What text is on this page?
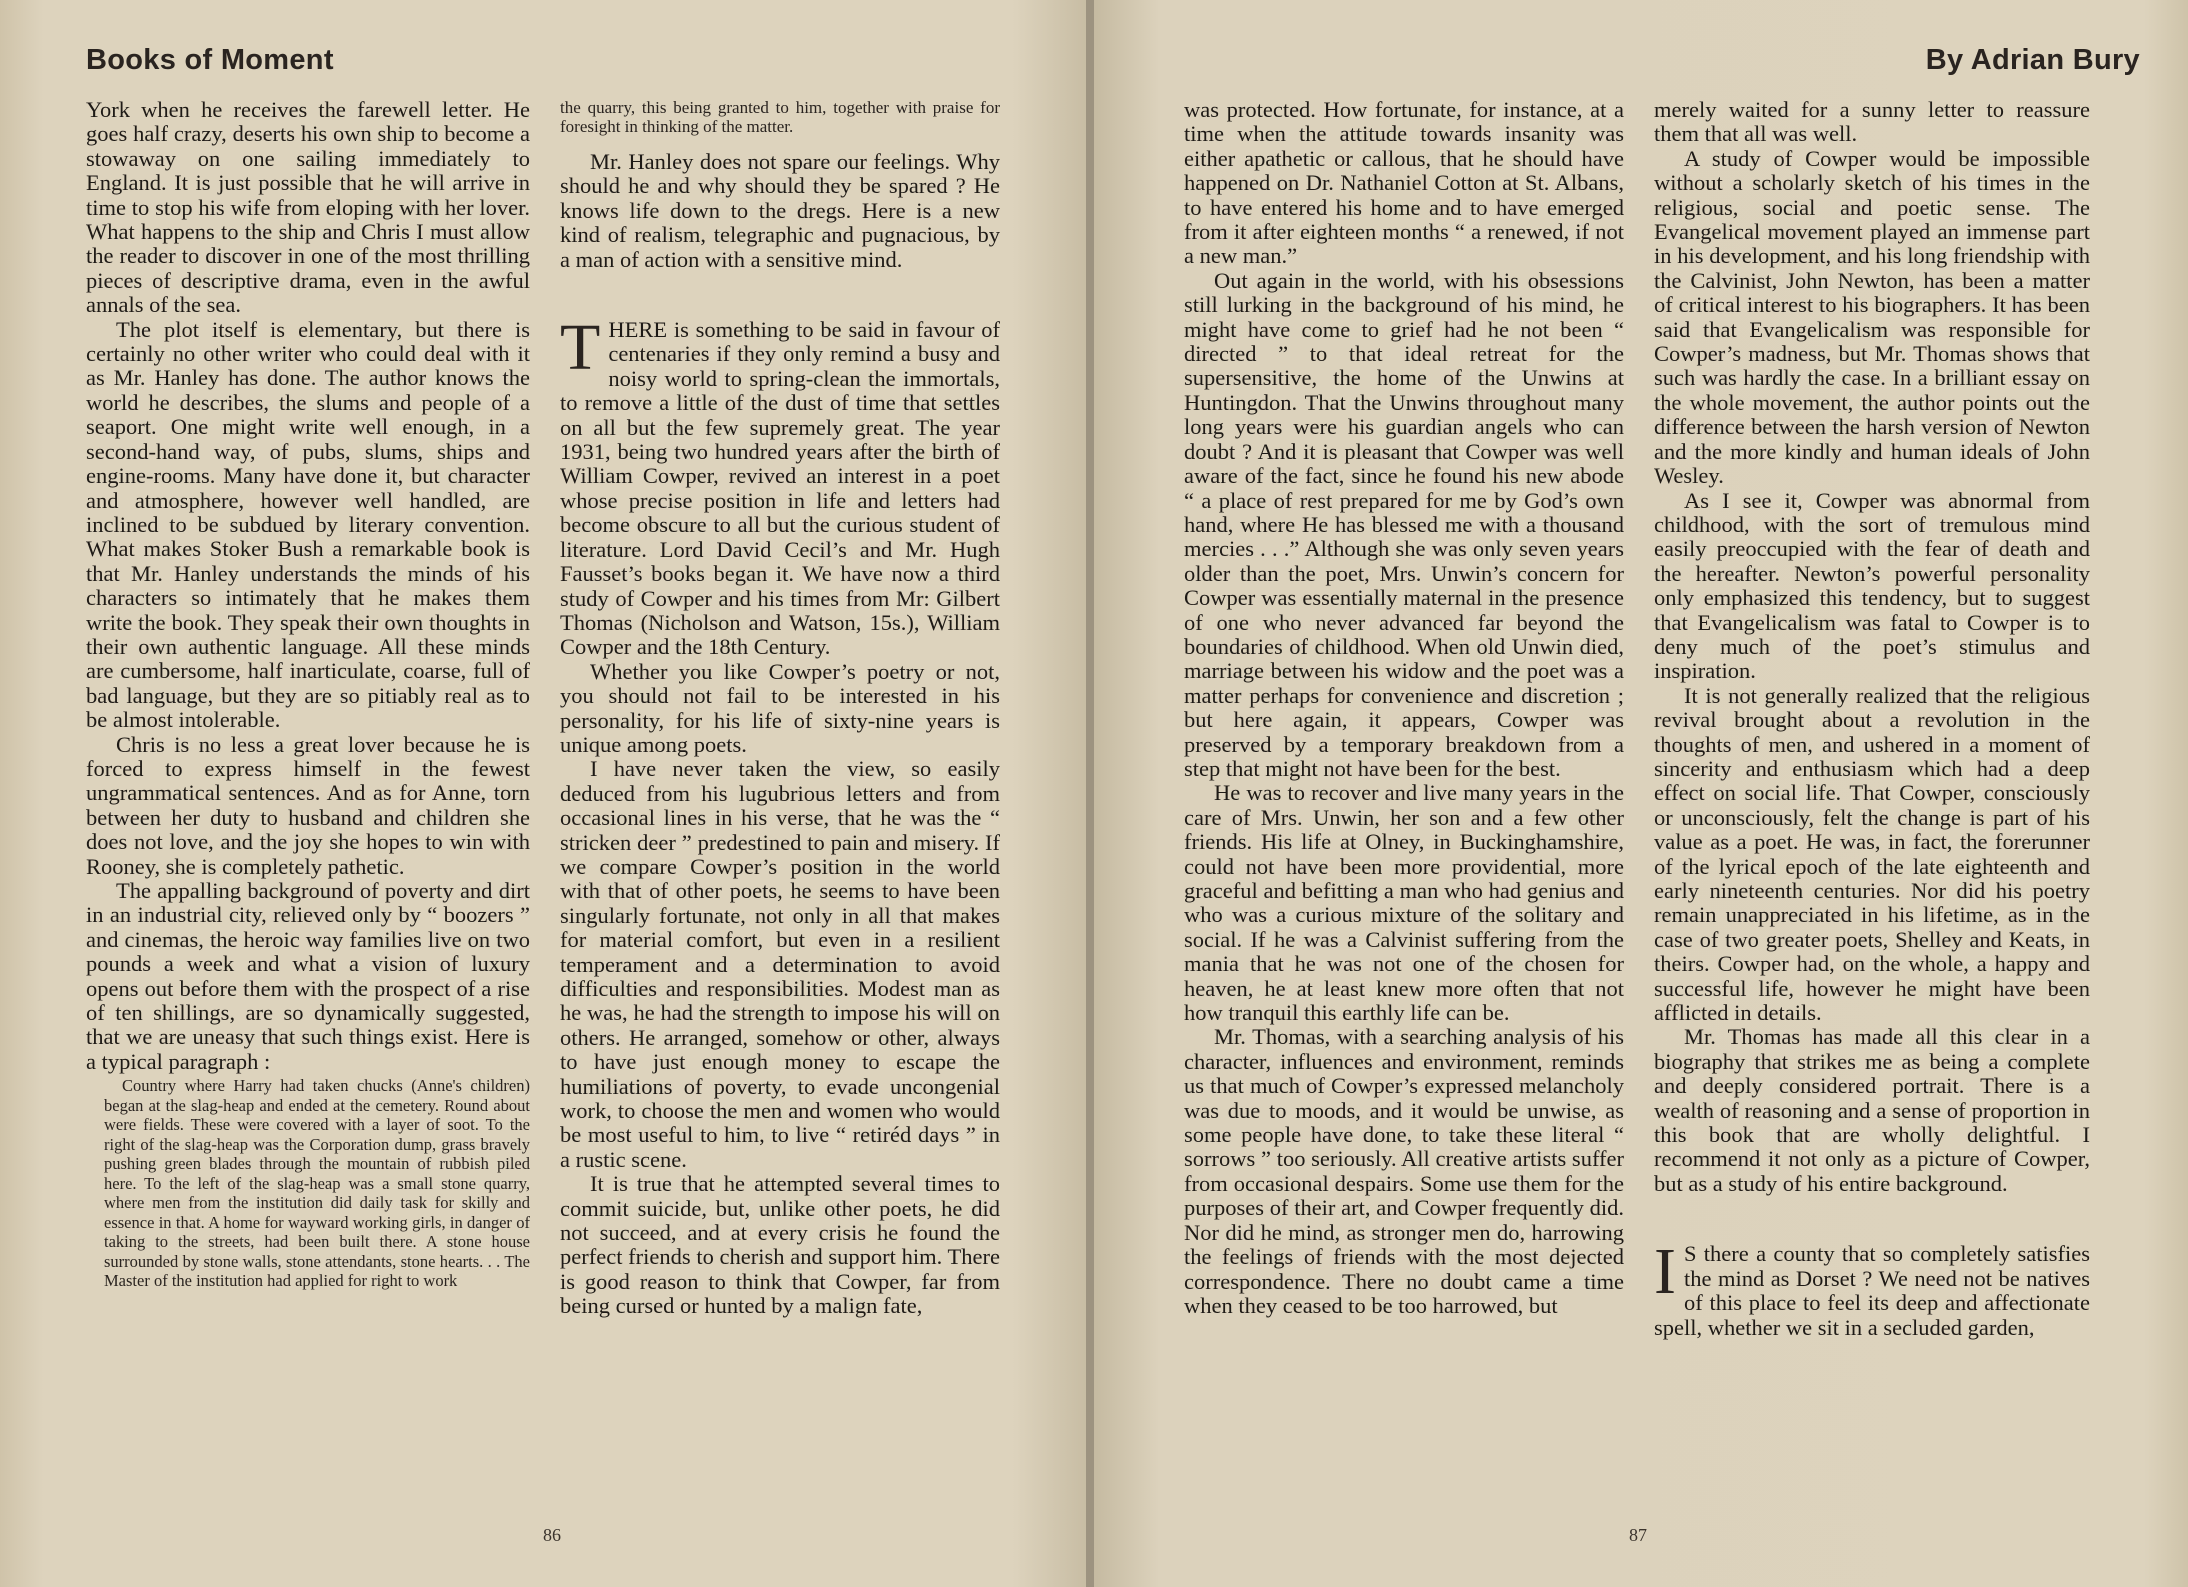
Books of Moment

York when he receives the farewell letter. He goes half crazy, deserts his own ship to become a stowaway on one sailing immediately to England. It is just possible that he will arrive in time to stop his wife from eloping with her lover. What happens to the ship and Chris I must allow the reader to discover in one of the most thrilling pieces of descriptive drama, even in the awful annals of the sea.

The plot itself is elementary, but there is certainly no other writer who could deal with it as Mr. Hanley has done. The author knows the world he describes, the slums and people of a seaport. One might write well enough, in a second-hand way, of pubs, slums, ships and engine-rooms. Many have done it, but character and atmosphere, however well handled, are inclined to be subdued by literary convention. What makes Stoker Bush a remarkable book is that Mr. Hanley understands the minds of his characters so intimately that he makes them write the book. They speak their own thoughts in their own authentic language. All these minds are cumbersome, half inarticulate, coarse, full of bad language, but they are so pitiably real as to be almost intolerable.

Chris is no less a great lover because he is forced to express himself in the fewest ungrammatical sentences. And as for Anne, torn between her duty to husband and children she does not love, and the joy she hopes to win with Rooney, she is completely pathetic.

The appalling background of poverty and dirt in an industrial city, relieved only by “ boozers ” and cinemas, the heroic way families live on two pounds a week and what a vision of luxury opens out before them with the prospect of a rise of ten shillings, are so dynamically suggested, that we are uneasy that such things exist. Here is a typical paragraph :

Country where Harry had taken chucks (Anne's children) began at the slag-heap and ended at the cemetery. Round about were fields. These were covered with a layer of soot. To the right of the slag-heap was the Corporation dump, grass bravely pushing green blades through the mountain of rubbish piled here. To the left of the slag-heap was a small stone quarry, where men from the institution did daily task for skilly and essence in that. A home for wayward working girls, in danger of taking to the streets, had been built there. A stone house surrounded by stone walls, stone attendants, stone hearts. . . The Master of the institution had applied for right to work

the quarry, this being granted to him, together with praise for foresight in thinking of the matter.

Mr. Hanley does not spare our feelings. Why should he and why should they be spared ? He knows life down to the dregs. Here is a new kind of realism, telegraphic and pugnacious, by a man of action with a sensitive mind.

T HERE is something to be said in favour of centenaries if they only remind a busy and noisy world to spring-clean the immortals, to remove a little of the dust of time that settles on all but the few supremely great. The year 1931, being two hundred years after the birth of William Cowper, revived an interest in a poet whose precise position in life and letters had become obscure to all but the curious student of literature. Lord David Cecil’s and Mr. Hugh Fausset’s books began it. We have now a third study of Cowper and his times from Mr: Gilbert Thomas (Nicholson and Watson, 15s.), William Cowper and the 18th Century.

Whether you like Cowper’s poetry or not, you should not fail to be interested in his personality, for his life of sixty-nine years is unique among poets.

I have never taken the view, so easily deduced from his lugubrious letters and from occasional lines in his verse, that he was the “ stricken deer ” predestined to pain and misery. If we compare Cowper’s position in the world with that of other poets, he seems to have been singularly fortunate, not only in all that makes for material comfort, but even in a resilient temperament and a determination to avoid difficulties and responsibilities. Modest man as he was, he had the strength to impose his will on others. He arranged, somehow or other, always to have just enough money to escape the humiliations of poverty, to evade uncongenial work, to choose the men and women who would be most useful to him, to live “ retiréd days ” in a rustic scene.

It is true that he attempted several times to commit suicide, but, unlike other poets, he did not succeed, and at every crisis he found the perfect friends to cherish and support him. There is good reason to think that Cowper, far from being cursed or hunted by a malign fate,

86
By Adrian Bury

was protected. How fortunate, for instance, at a time when the attitude towards insanity was either apathetic or callous, that he should have happened on Dr. Nathaniel Cotton at St. Albans, to have entered his home and to have emerged from it after eighteen months “ a renewed, if not a new man.”

Out again in the world, with his obsessions still lurking in the background of his mind, he might have come to grief had he not been “ directed ” to that ideal retreat for the supersensitive, the home of the Unwins at Huntingdon. That the Unwins throughout many long years were his guardian angels who can doubt ? And it is pleasant that Cowper was well aware of the fact, since he found his new abode “ a place of rest prepared for me by God’s own hand, where He has blessed me with a thousand mercies . . .” Although she was only seven years older than the poet, Mrs. Unwin’s concern for Cowper was essentially maternal in the presence of one who never advanced far beyond the boundaries of childhood. When old Unwin died, marriage between his widow and the poet was a matter perhaps for convenience and discretion ; but here again, it appears, Cowper was preserved by a temporary breakdown from a step that might not have been for the best.

He was to recover and live many years in the care of Mrs. Unwin, her son and a few other friends. His life at Olney, in Buckinghamshire, could not have been more providential, more graceful and befitting a man who had genius and who was a curious mixture of the solitary and social. If he was a Calvinist suffering from the mania that he was not one of the chosen for heaven, he at least knew more often that not how tranquil this earthly life can be.

Mr. Thomas, with a searching analysis of his character, influences and environment, reminds us that much of Cowper’s expressed melancholy was due to moods, and it would be unwise, as some people have done, to take these literal “ sorrows ” too seriously. All creative artists suffer from occasional despairs. Some use them for the purposes of their art, and Cowper frequently did. Nor did he mind, as stronger men do, harrowing the feelings of friends with the most dejected correspondence. There no doubt came a time when they ceased to be too harrowed, but

merely waited for a sunny letter to reassure them that all was well.

A study of Cowper would be impossible without a scholarly sketch of his times in the religious, social and poetic sense. The Evangelical movement played an immense part in his development, and his long friendship with the Calvinist, John Newton, has been a matter of critical interest to his biographers. It has been said that Evangelicalism was responsible for Cowper’s madness, but Mr. Thomas shows that such was hardly the case. In a brilliant essay on the whole movement, the author points out the difference between the harsh version of Newton and the more kindly and human ideals of John Wesley.

As I see it, Cowper was abnormal from childhood, with the sort of tremulous mind easily preoccupied with the fear of death and the hereafter. Newton’s powerful personality only emphasized this tendency, but to suggest that Evangelicalism was fatal to Cowper is to deny much of the poet’s stimulus and inspiration.

It is not generally realized that the religious revival brought about a revolution in the thoughts of men, and ushered in a moment of sincerity and enthusiasm which had a deep effect on social life. That Cowper, consciously or unconsciously, felt the change is part of his value as a poet. He was, in fact, the forerunner of the lyrical epoch of the late eighteenth and early nineteenth centuries. Nor did his poetry remain unappreciated in his lifetime, as in the case of two greater poets, Shelley and Keats, in theirs. Cowper had, on the whole, a happy and successful life, however he might have been afflicted in details.

Mr. Thomas has made all this clear in a biography that strikes me as being a complete and deeply considered portrait. There is a wealth of reasoning and a sense of proportion in this book that are wholly delightful. I recommend it not only as a picture of Cowper, but as a study of his entire background.

I S there a county that so completely satisfies the mind as Dorset ? We need not be natives of this place to feel its deep and affectionate spell, whether we sit in a secluded garden,

87
